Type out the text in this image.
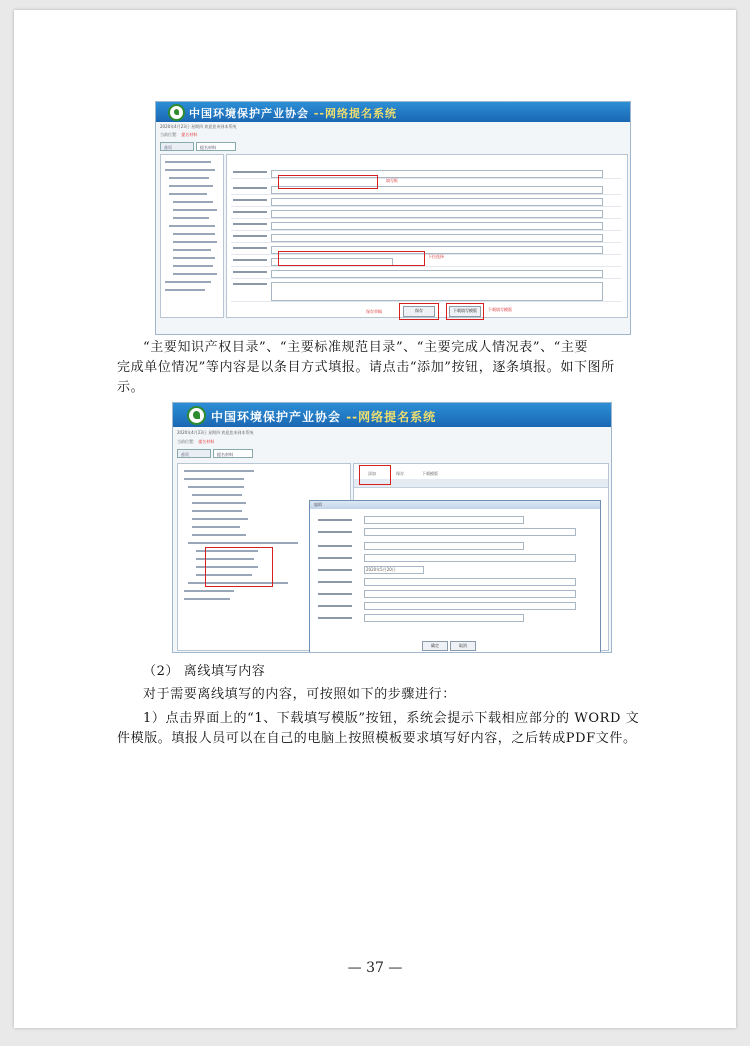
中国环境保护产业协会 --网络提名系统
2020年4月23日 星期四 欢迎您来到本系统
当前位置： 提名材料
首页	提名材料
填写框
下拉选择
保存草稿	保存	下载填写模版	下载填写模版
“主要知识产权目录”、“主要标准规范目录”、“主要完成人情况表”、“主要
完成单位情况”等内容是以条目方式填报。请点击“添加”按钮，逐条填报。如下图所
示。
中国环境保护产业协会 --网络提名系统
2020年4月23日 星期四 欢迎您来到本系统
当前位置： 提名材料
首页	提名材料
添加	保存	下载模版
编辑
2020年5月20日
确定	取消
（2） 离线填写内容
对于需要离线填写的内容，可按照如下的步骤进行：
1）点击界面上的“1、下载填写模版”按钮，系统会提示下载相应部分的 WORD 文
件模版。填报人员可以在自己的电脑上按照模板要求填写好内容，之后转成PDF文件。
— 37 —
